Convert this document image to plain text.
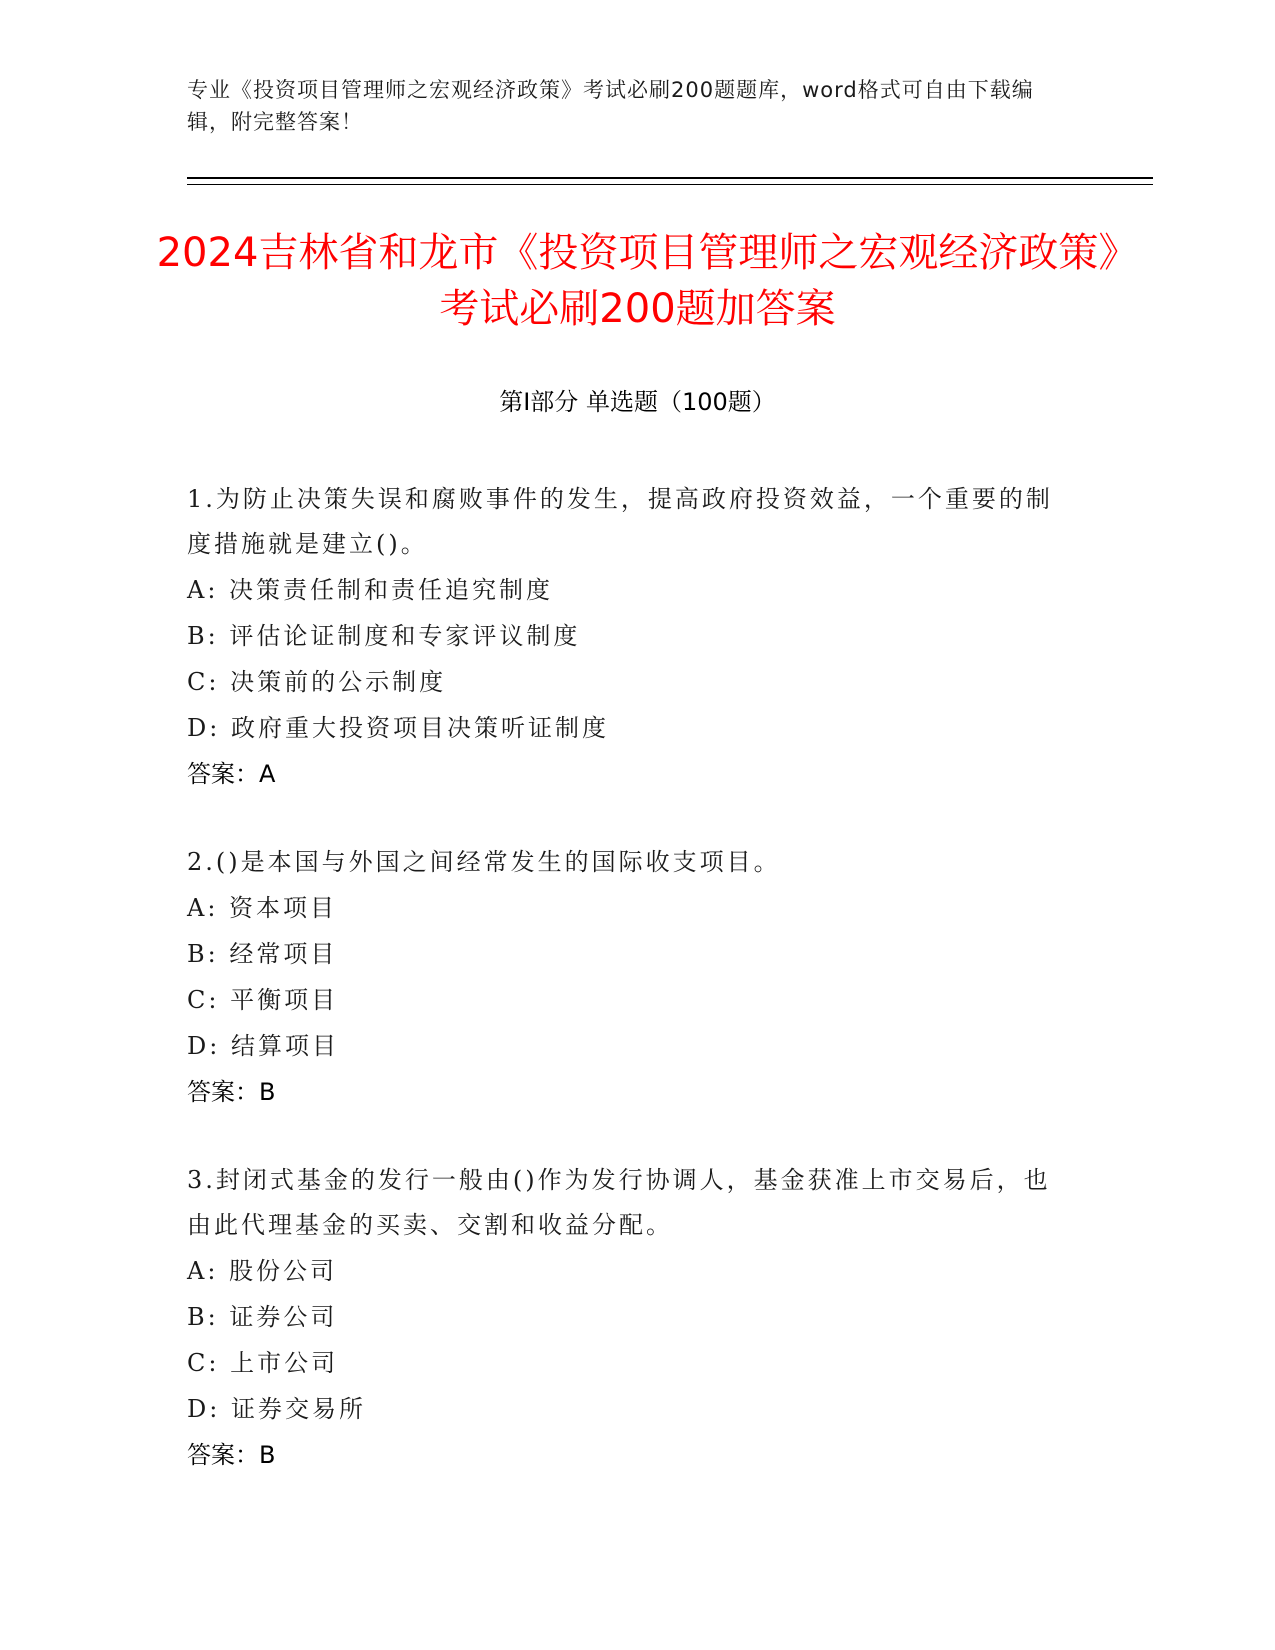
专业《投资项目管理师之宏观经济政策》考试必刷200题题库，word格式可自由下载编辑，附完整答案！
2024吉林省和龙市《投资项目管理师之宏观经济政策》考试必刷200题加答案
第Ⅰ部分 单选题（100题）
1.为防止决策失误和腐败事件的发生，提高政府投资效益，一个重要的制度措施就是建立()。
A: 决策责任制和责任追究制度
B: 评估论证制度和专家评议制度
C: 决策前的公示制度
D: 政府重大投资项目决策听证制度
答案：A
2.()是本国与外国之间经常发生的国际收支项目。
A: 资本项目
B: 经常项目
C: 平衡项目
D: 结算项目
答案：B
3.封闭式基金的发行一般由()作为发行协调人，基金获准上市交易后，也由此代理基金的买卖、交割和收益分配。
A: 股份公司
B: 证券公司
C: 上市公司
D: 证券交易所
答案：B
